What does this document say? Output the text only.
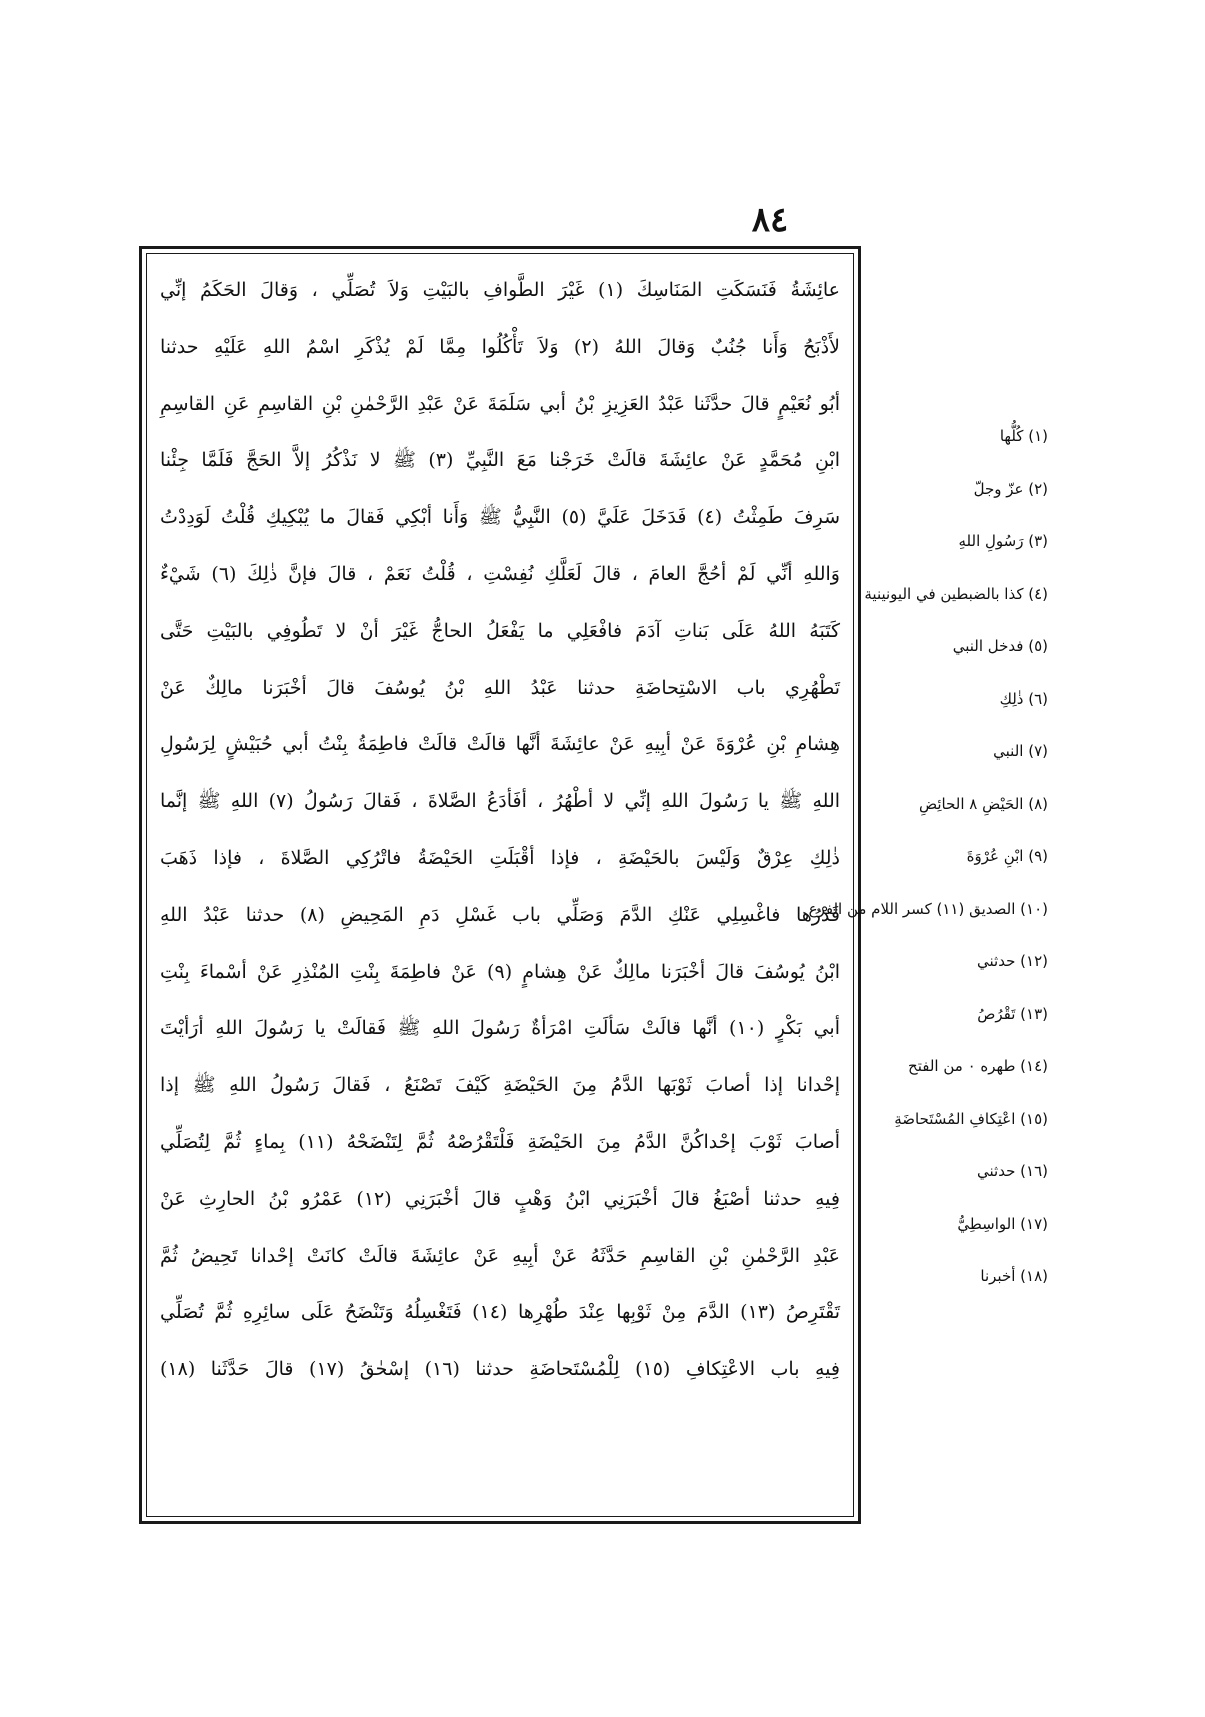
٨٤
عائِشَةُ فَنَسَكَتِ المَنَاسِكَ (١) غَيْرَ الطَّوافِ بالبَيْتِ وَلاَ تُصَلِّي ، وَقالَ الحَكَمُ إنِّي
لأَذْبَحُ وَأَنا جُنُبٌ وَقالَ اللهُ (٢) وَلاَ تَأْكُلُوا مِمَّا لَمْ يُذْكَرِ اسْمُ اللهِ عَلَيْهِ حدثنا
أبُو نُعَيْمٍ قالَ حدَّثَنا عَبْدُ العَزِيزِ بْنُ أبي سَلَمَةَ عَنْ عَبْدِ الرَّحْمٰنِ بْنِ القاسِمِ عَنِ القاسِمِ
ابْنِ مُحَمَّدٍ عَنْ عائِشَةَ قالَتْ خَرَجْنا مَعَ النَّبِيِّ (٣) ﷺ لا نَذْكُرُ إلاَّ الحَجَّ فَلَمَّا جِئْنا
سَرِفَ طَمِثْتُ (٤) فَدَخَلَ عَلَيَّ (٥) النَّبِيُّ ﷺ وَأَنا أبْكِي فَقالَ ما يُبْكِيكِ قُلْتُ لَوَدِدْتُ
وَاللهِ أنِّي لَمْ أحُجَّ العامَ ، قالَ لَعَلَّكِ نُفِسْتِ ، قُلْتُ نَعَمْ ، قالَ فإنَّ ذٰلِكَ (٦) شَيْءٌ
كَتَبَهُ اللهُ عَلَى بَناتِ آدَمَ فافْعَلِي ما يَفْعَلُ الحاجُّ غَيْرَ أنْ لا تَطُوفِي بالبَيْتِ حَتَّى
تَطْهُرِي باب الاسْتِحاضَةِ حدثنا عَبْدُ اللهِ بْنُ يُوسُفَ قالَ أخْبَرَنا مالِكٌ عَنْ
هِشامِ بْنِ عُرْوَةَ عَنْ أبِيهِ عَنْ عائِشَةَ أنَّها قالَتْ قالَتْ فاطِمَةُ بِنْتُ أبي حُبَيْشٍ لِرَسُولِ
اللهِ ﷺ يا رَسُولَ اللهِ إنِّي لا أطْهُرُ ، أفَأدَعُ الصَّلاةَ ، فَقالَ رَسُولُ (٧) اللهِ ﷺ إنَّما
ذٰلِكِ عِرْقٌ وَلَيْسَ بالحَيْضَةِ ، فإذا أقْبَلَتِ الحَيْضَةُ فاتْرُكِي الصَّلاةَ ، فإذا ذَهَبَ
قَدْرُها فاغْسِلِي عَنْكِ الدَّمَ وَصَلِّي باب غَسْلِ دَمِ المَحِيضِ (٨) حدثنا عَبْدُ اللهِ
ابْنُ يُوسُفَ قالَ أخْبَرَنا مالِكٌ عَنْ هِشامٍ (٩) عَنْ فاطِمَةَ بِنْتِ المُنْذِرِ عَنْ أسْماءَ بِنْتِ
أبي بَكْرٍ (١٠) أنَّها قالَتْ سَألَتِ امْرَأةٌ رَسُولَ اللهِ ﷺ فَقالَتْ يا رَسُولَ اللهِ أرَأيْتَ
إحْدانا إذا أصابَ ثَوْبَها الدَّمُ مِنَ الحَيْضَةِ كَيْفَ تَصْنَعُ ، فَقالَ رَسُولُ اللهِ ﷺ إذا
أصابَ ثَوْبَ إحْداكُنَّ الدَّمُ مِنَ الحَيْضَةِ فَلْتَقْرُصْهُ ثُمَّ لِتَنْضَحْهُ (١١) بِماءٍ ثُمَّ لِتُصَلِّي
فِيهِ حدثنا أصْبَغُ قالَ أخْبَرَنِي ابْنُ وَهْبٍ قالَ أخْبَرَنِي (١٢) عَمْرُو بْنُ الحارِثِ عَنْ
عَبْدِ الرَّحْمٰنِ بْنِ القاسِمِ حَدَّثَهُ عَنْ أبِيهِ عَنْ عائِشَةَ قالَتْ كانَتْ إحْدانا تَحِيضُ ثُمَّ
تَقْتَرِصُ (١٣) الدَّمَ مِنْ ثَوْبِها عِنْدَ طُهْرِها (١٤) فَتَغْسِلُهُ وَتَنْضَحُ عَلَى سائِرِهِ ثُمَّ تُصَلِّي
فِيهِ باب الاعْتِكافِ (١٥) لِلْمُسْتَحاضَةِ حدثنا (١٦) إسْحٰقُ (١٧) قالَ حَدَّثَنا (١٨)
(١) كُلُّها
(٢) عزّ وجلّ
(٣) رَسُولِ اللهِ
(٤) كذا بالضبطين في اليونينية
(٥) فدخل النبي
(٦) ذٰلِكِ
(٧) النبي
(٨) الحَيْضِ ٨ الحائِضِ
(٩) ابْنِ عُرْوَةَ
(١٠) الصديق (١١) كسر اللام من الفرع
(١٢) حدثني
(١٣) تَقْرُصُ
(١٤) طهره ٠ من الفتح
(١٥) اعْتِكافِ المُسْتَحاضَةِ
(١٦) حدثني
(١٧) الواسِطِيُّ
(١٨) أخبرنا
